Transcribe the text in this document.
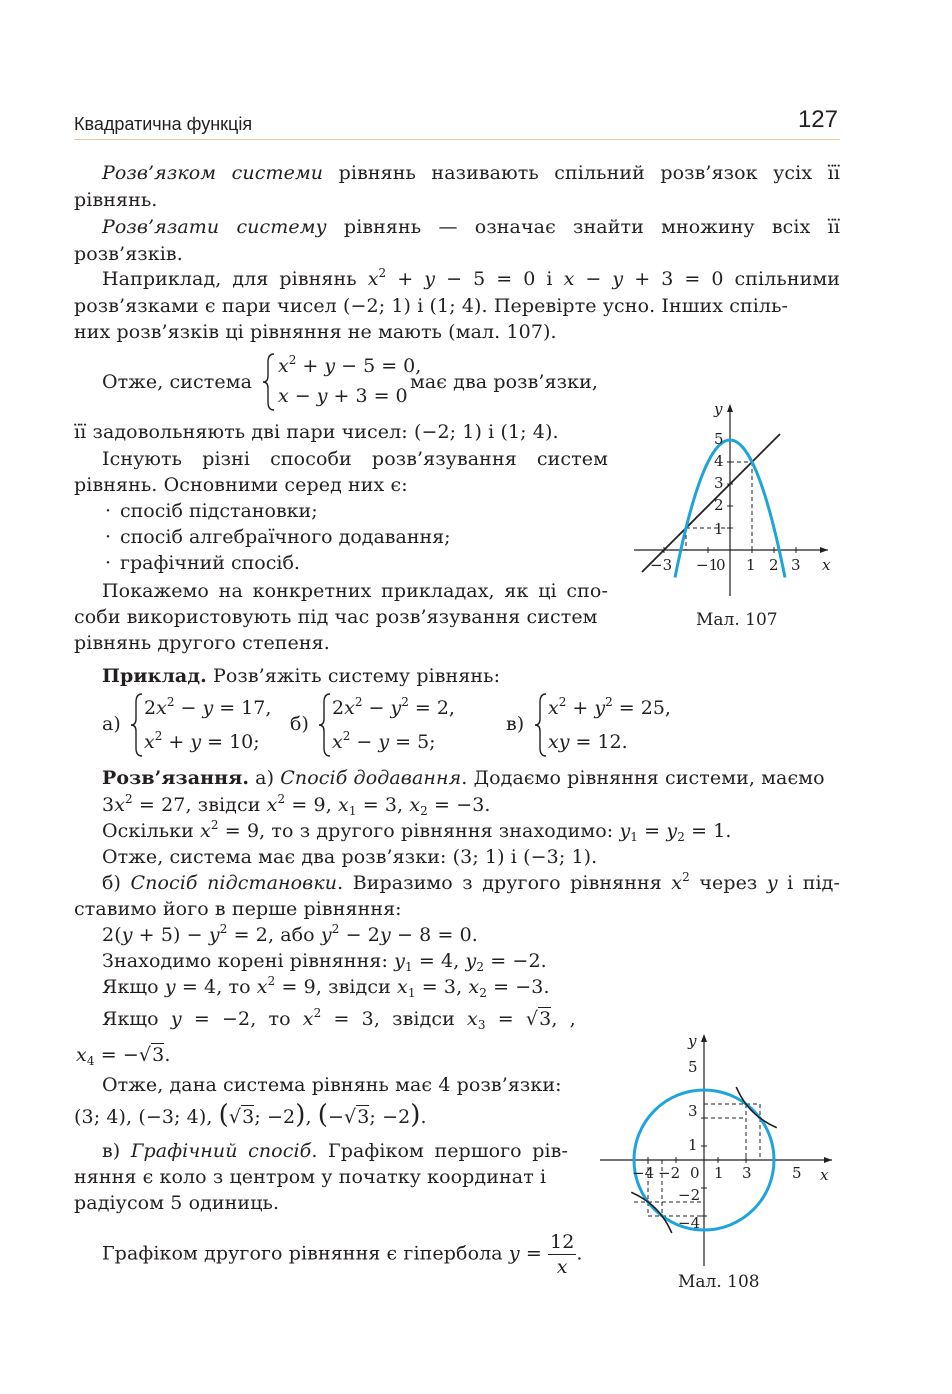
Квадратична функція	127
Розв’язком системи рівнянь називають спільний розв’язок усіх її
рівнянь.
Розв’язати систему рівнянь — означає знайти множину всіх її
розв’язків.
Наприклад, для рівнянь $x^2 + y - 5 = 0$ і x − y + 3 = 0 спільними
розв’язками є пари чисел (−2; 1) і (1; 4). Перевірте усно. Інших спіль-
них розв’язків ці рівняння не мають (мал. 107).
Отже, система
$x^2 + y - 5 = 0$,
x − y + 3 = 0
має два розв’язки,
її задовольняють дві пари чисел: (−2; 1) і (1; 4).
Існують різні способи розв’язування систем
рівнянь. Основними серед них є:
· спосіб підстановки;
· спосіб алгебраїчного додавання;
· графічний спосіб.
Покажемо на конкретних прикладах, як ці спо-
соби використовують під час розв’язування систем
рівнянь другого степеня.
x
y
−3 −1
0 1 2 3
5
4
3
2
1
Мал. 107
Приклад. Розв’яжіть систему рівнянь:
а)
$2x^2 - y = 17$,
$x^2 + y = 10$;
б)
$2x^2 - y^2 = 2$,
$x^2 - y = 5$;
в)
$x^2 + y^2 = 25$,
xy = 12.
Розв’язання. а) Спосіб додавання. Додаємо рівняння системи, маємо
$3x^2 = 27$, звідси $x^2 = 9$, $x_1 = 3$, $x_2 = -3$.
Оскільки $x^2 = 9$, то з другого рівняння знаходимо: $y_1 = y_2 = 1$.
Отже, система має два розв’язки: (3; 1) і (−3; 1).
б) Спосіб підстановки. Виразимо з другого рівняння $x^2$ через y і під-
ставимо його в перше рівняння:
$2(y + 5) - y^2 = 2$, або $y^2 - 2y - 8 = 0$.
Знаходимо корені рівняння: $y_1 = 4$, $y_2 = -2$.
Якщо y = 4, то $x^2 = 9$, звідси $x_1 = 3$, $x_2 = -3$.
Якщо y = −2, то $x^2 = 3$, звідси $x_3 = √3$, ,
$x_4 = -√3$.
Отже, дана система рівнянь має 4 розв’язки:
(3; 4), (−3; 4), (√3; −2), (−√3; −2).
в) Графічний спосіб. Графіком першого рів-
няння є коло з центром у початку координат і
радіусом 5 одиниць.
Графіком другого рівняння є гіпербола $y = \frac{12}{x}$ .
x
y
−4 −2 0 1 3	5
5
3
1
−2
−4
Мал. 108
